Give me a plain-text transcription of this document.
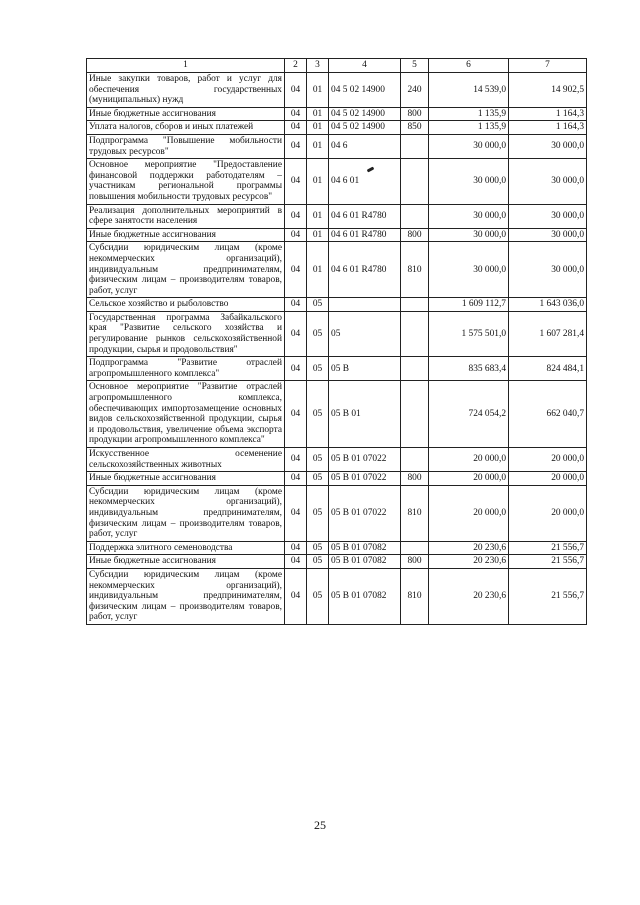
1	2	3	4	5	6	7
Иные закупки товаров, работ и услуг для обеспечения государственных (муниципальных) нужд	04	01	04 5 02 14900	240	14 539,0	14 902,5
Иные бюджетные ассигнования	04	01	04 5 02 14900	800	1 135,9	1 164,3
Уплата налогов, сборов и иных платежей	04	01	04 5 02 14900	850	1 135,9	1 164,3
Подпрограмма "Повышение мобильности трудовых ресурсов"	04	01	04 6		30 000,0	30 000,0
Основное мероприятие "Предоставление финансовой поддержки работодателям – участникам региональной программы повышения мобильности трудовых ресурсов"	04	01	04 6 01		30 000,0	30 000,0
Реализация дополнительных мероприятий в сфере занятости населения	04	01	04 6 01 R4780		30 000,0	30 000,0
Иные бюджетные ассигнования	04	01	04 6 01 R4780	800	30 000,0	30 000,0
Субсидии юридическим лицам (кроме некоммерческих организаций), индивидуальным предпринимателям, физическим лицам – производителям товаров, работ, услуг	04	01	04 6 01 R4780	810	30 000,0	30 000,0
Сельское хозяйство и рыболовство	04	05			1 609 112,7	1 643 036,0
Государственная программа Забайкальского края "Развитие сельского хозяйства и регулирование рынков сельскохозяйственной продукции, сырья и продовольствия"	04	05	05		1 575 501,0	1 607 281,4
Подпрограмма "Развитие отраслей агропромышленного комплекса"	04	05	05 В		835 683,4	824 484,1
Основное мероприятие "Развитие отраслей агропромышленного комплекса, обеспечивающих импортозамещение основных видов сельскохозяйственной продукции, сырья и продовольствия, увеличение объема экспорта продукции агропромышленного комплекса"	04	05	05 В 01		724 054,2	662 040,7
Искусственное осеменение сельскохозяйственных животных	04	05	05 В 01 07022		20 000,0	20 000,0
Иные бюджетные ассигнования	04	05	05 В 01 07022	800	20 000,0	20 000,0
Субсидии юридическим лицам (кроме некоммерческих организаций), индивидуальным предпринимателям, физическим лицам – производителям товаров, работ, услуг	04	05	05 В 01 07022	810	20 000,0	20 000,0
Поддержка элитного семеноводства	04	05	05 В 01 07082		20 230,6	21 556,7
Иные бюджетные ассигнования	04	05	05 В 01 07082	800	20 230,6	21 556,7
Субсидии юридическим лицам (кроме некоммерческих организаций), индивидуальным предпринимателям, физическим лицам – производителям товаров, работ, услуг	04	05	05 В 01 07082	810	20 230,6	21 556,7
25
